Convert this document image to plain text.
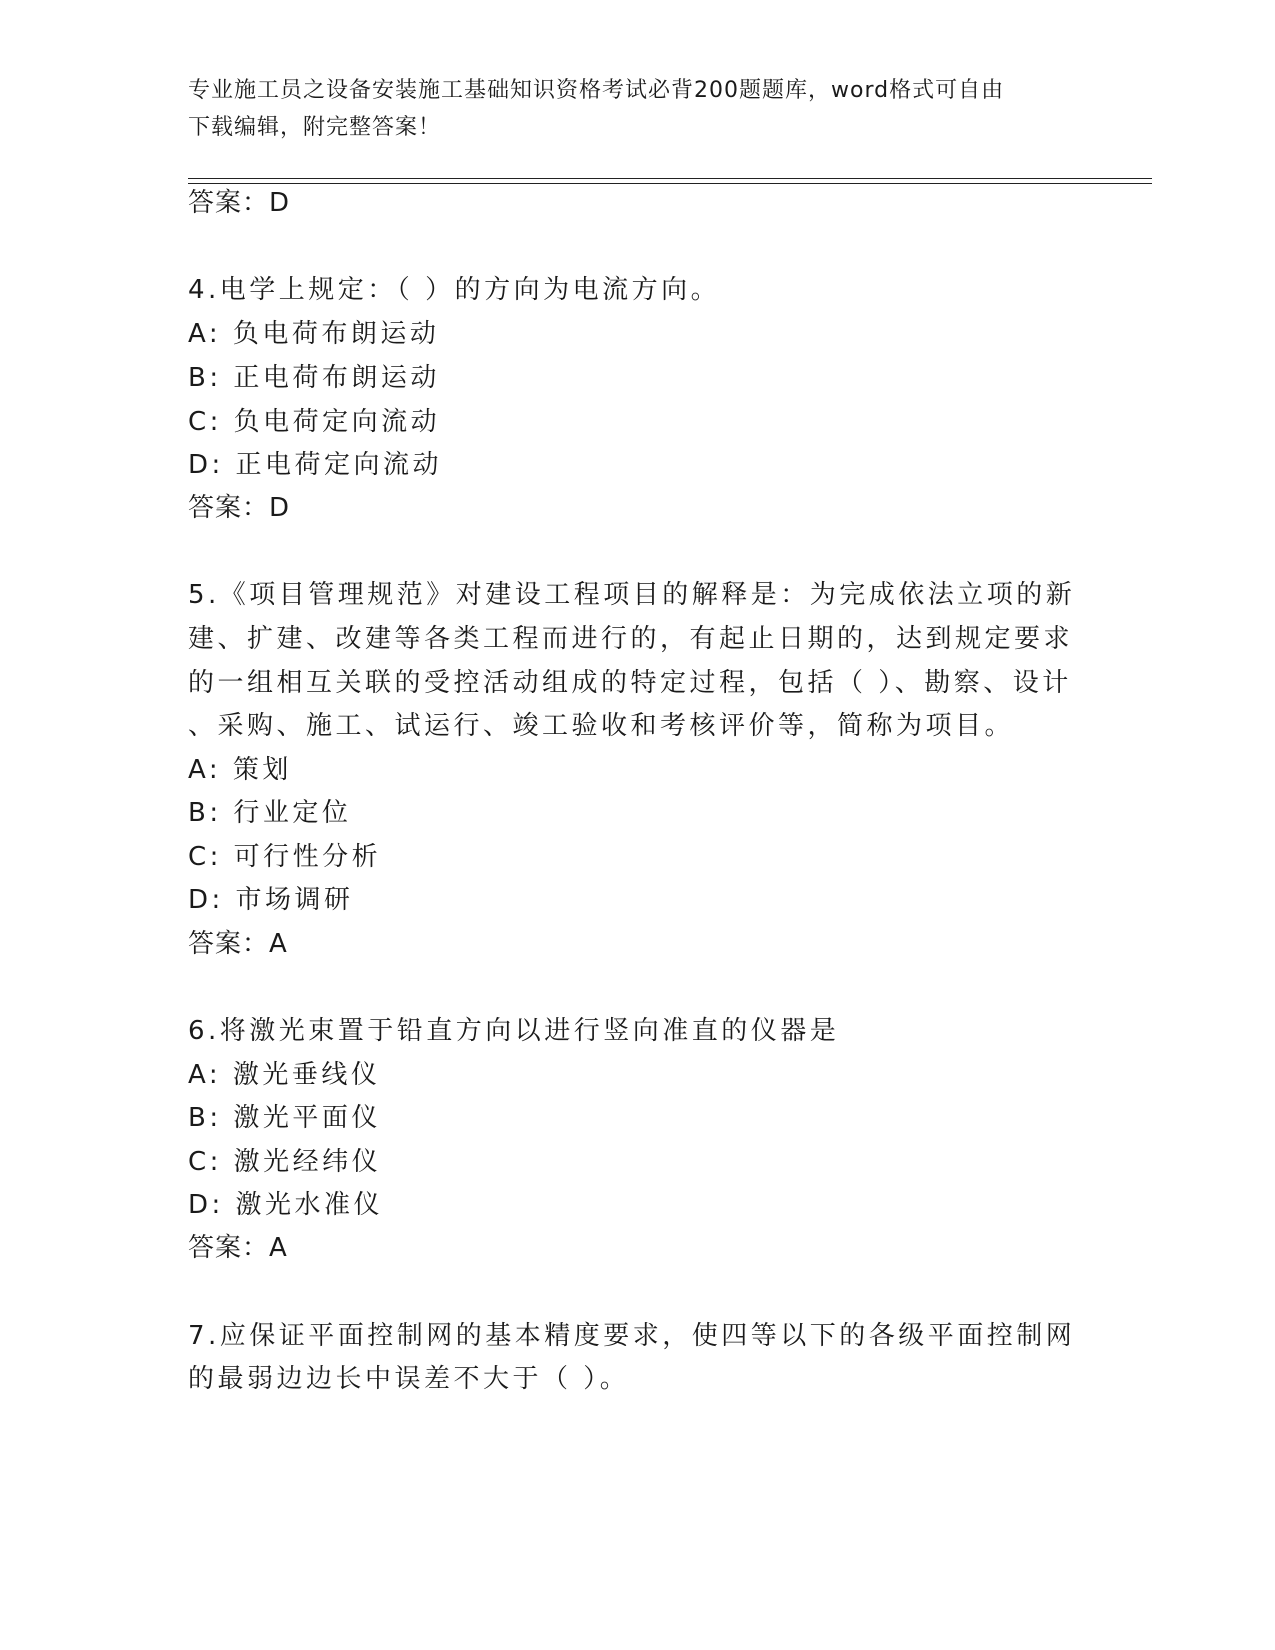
专业施工员之设备安装施工基础知识资格考试必背200题题库，word格式可自由
下载编辑，附完整答案！
答案：D
4.电学上规定：（ ）的方向为电流方向。
A: 负电荷布朗运动
B: 正电荷布朗运动
C: 负电荷定向流动
D: 正电荷定向流动
答案：D
5.《项目管理规范》对建设工程项目的解释是：为完成依法立项的新
建、扩建、改建等各类工程而进行的，有起止日期的，达到规定要求
的一组相互关联的受控活动组成的特定过程，包括（ ）、勘察、设计
、采购、施工、试运行、竣工验收和考核评价等，简称为项目。
A: 策划
B: 行业定位
C: 可行性分析
D: 市场调研
答案：A
6.将激光束置于铅直方向以进行竖向准直的仪器是
A: 激光垂线仪
B: 激光平面仪
C: 激光经纬仪
D: 激光水准仪
答案：A
7.应保证平面控制网的基本精度要求，使四等以下的各级平面控制网
的最弱边边长中误差不大于（ ）。
